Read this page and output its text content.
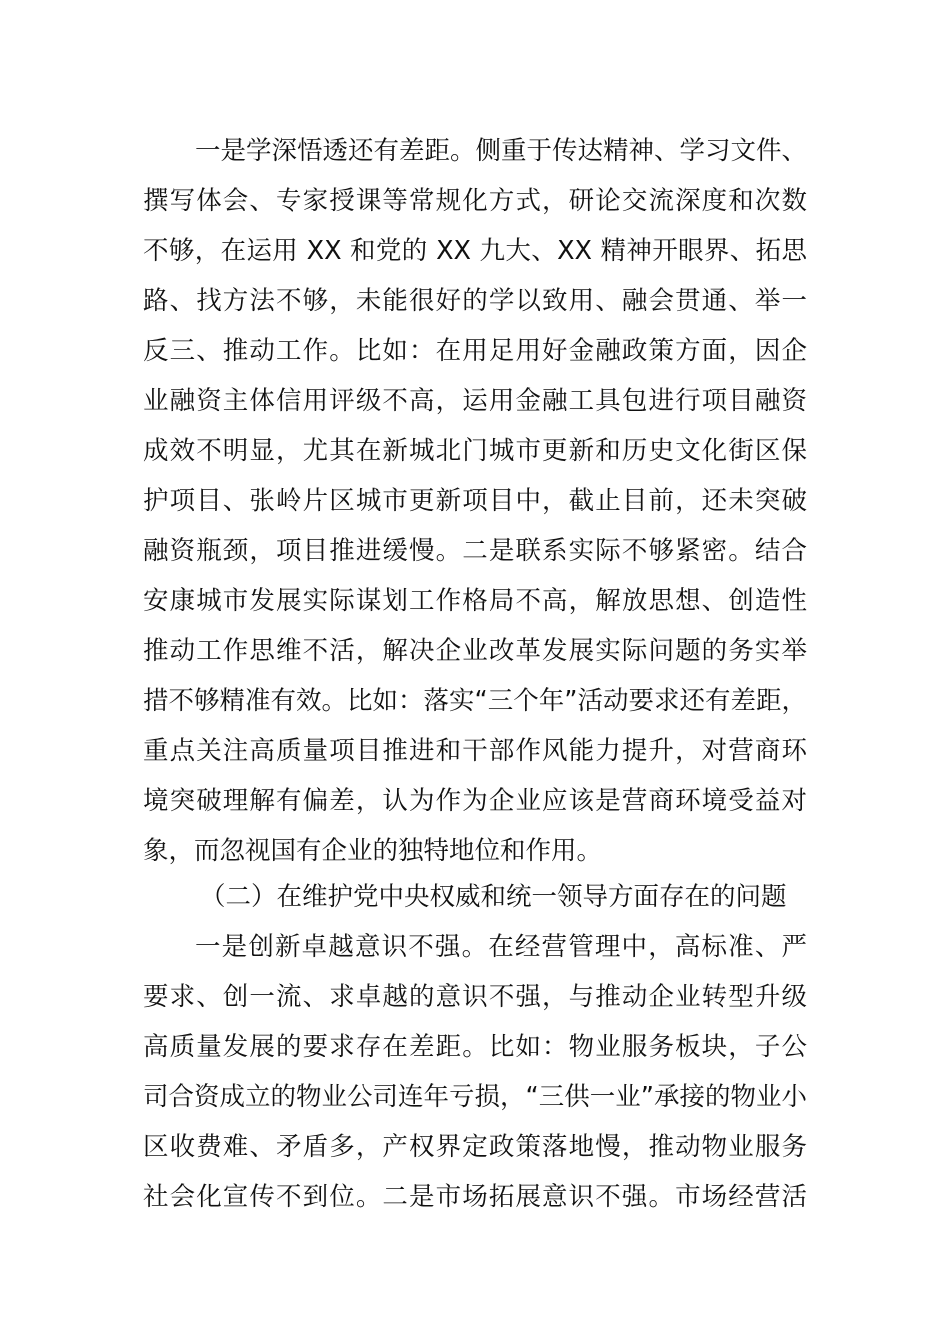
一是学深悟透还有差距。侧重于传达精神、学习文件、
撰写体会、专家授课等常规化方式，研论交流深度和次数
不够，在运用 XX 和党的 XX 九大、XX 精神开眼界、拓思
路、找方法不够，未能很好的学以致用、融会贯通、举一
反三、推动工作。比如：在用足用好金融政策方面，因企
业融资主体信用评级不高，运用金融工具包进行项目融资
成效不明显，尤其在新城北门城市更新和历史文化街区保
护项目、张岭片区城市更新项目中，截止目前，还未突破
融资瓶颈，项目推进缓慢。二是联系实际不够紧密。结合
安康城市发展实际谋划工作格局不高，解放思想、创造性
推动工作思维不活，解决企业改革发展实际问题的务实举
措不够精准有效。比如：落实“三个年”活动要求还有差距，
重点关注高质量项目推进和干部作风能力提升，对营商环
境突破理解有偏差，认为作为企业应该是营商环境受益对
象，而忽视国有企业的独特地位和作用。
（二）在维护党中央权威和统一领导方面存在的问题
一是创新卓越意识不强。在经营管理中，高标准、严
要求、创一流、求卓越的意识不强，与推动企业转型升级
高质量发展的要求存在差距。比如：物业服务板块，子公
司合资成立的物业公司连年亏损，“三供一业”承接的物业小
区收费难、矛盾多，产权界定政策落地慢，推动物业服务
社会化宣传不到位。二是市场拓展意识不强。市场经营活
